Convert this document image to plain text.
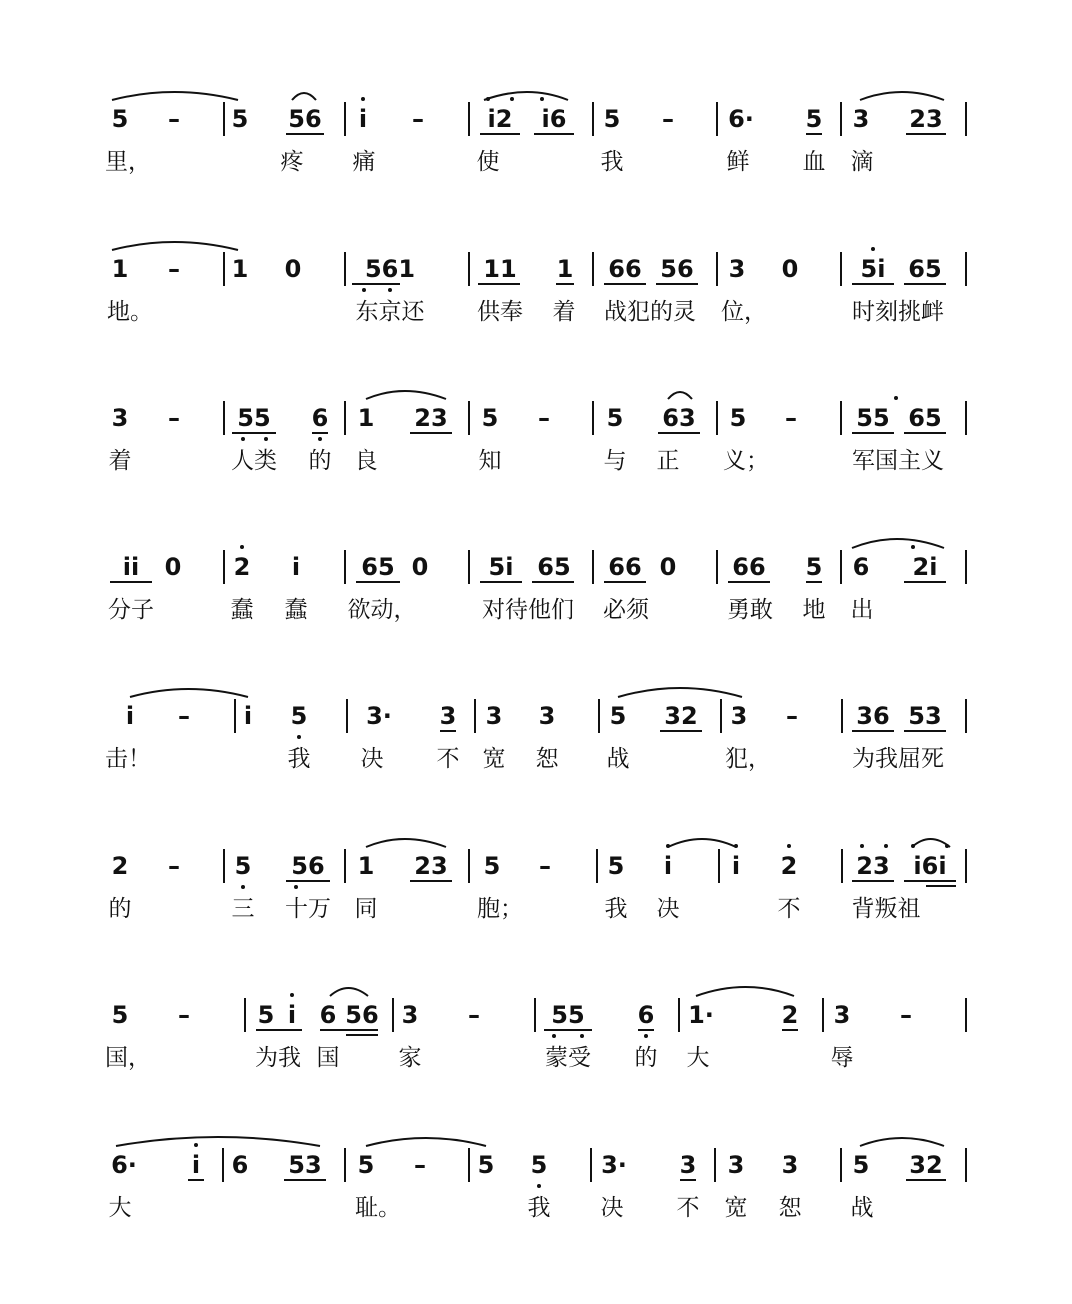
5 – 5 56 i –	i2 i6 5 – 6· 5 3 23
里，	疼 痛	使	我	鲜 血 滴
1 – 1 0	561	11 1 66 56 3 0	5i 65
地。	东京还 供奉 着 战犯的灵 位，	时刻挑衅
3 – 55 6 1 23 5 – 5 63 5 – 55 65
着	人类 的 良	知	与 正 义；	军国主义
ii 0 2 i	65 0	5i 65 66 0 66 5 6 2i
分子	蠢 蠢 欲动，	对待他们 必须	勇敢 地 出
i – i 5 3· 3 3 3 5 32 3 – 36 53
击！	我 决 不 宽 恕 战	犯，	为我屈死
2 – 5 56 1 23 5 – 5 i i 2 23 i6i
的	三 十万 同	胞；	我 决	不 背叛祖
5 –	5 i 6 56 3 –	55 6 1·	2 3 –
国，	为我 国	家	蒙受 的 大	辱
6· i 6 53 5 – 5 5 3· 3 3 3 5 32
大	耻。	我 决 不 宽 恕 战
